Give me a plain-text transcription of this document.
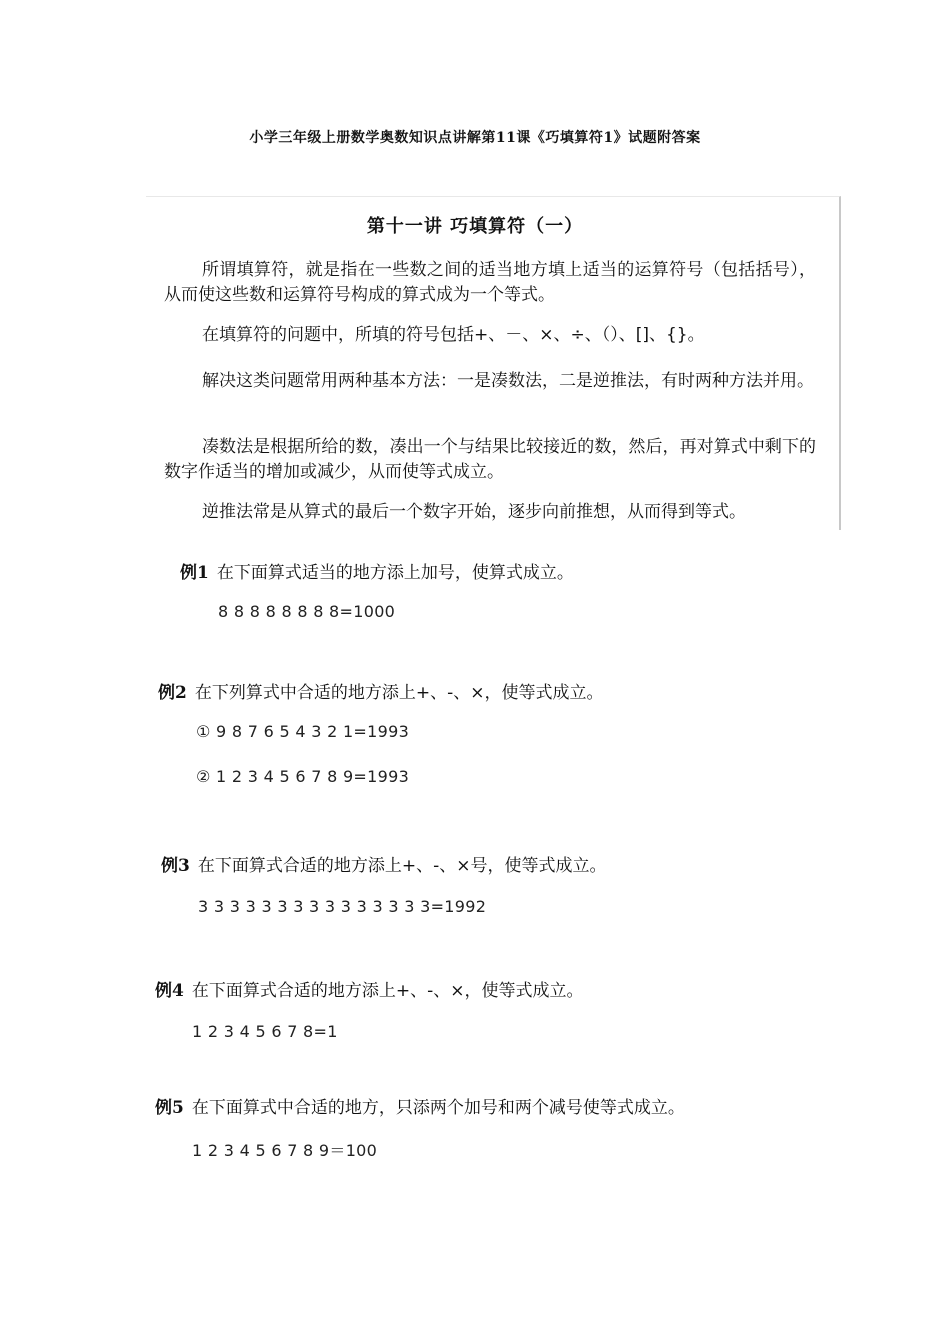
小学三年级上册数学奥数知识点讲解第11课《巧填算符1》试题附答案
第十一讲 巧填算符（一）
所谓填算符，就是指在一些数之间的适当地方填上适当的运算符号（包括括号），从而使这些数和运算符号构成的算式成为一个等式。
在填算符的问题中，所填的符号包括+、－、×、÷、（）、[]、{}。
解决这类问题常用两种基本方法：一是凑数法，二是逆推法，有时两种方法并用。
凑数法是根据所给的数，凑出一个与结果比较接近的数，然后，再对算式中剩下的数字作适当的增加或减少，从而使等式成立。
逆推法常是从算式的最后一个数字开始，逐步向前推想，从而得到等式。
例1 在下面算式适当的地方添上加号，使算式成立。
8 8 8 8 8 8 8 8=1000
例2 在下列算式中合适的地方添上+、-、×，使等式成立。
① 9 8 7 6 5 4 3 2 1=1993
② 1 2 3 4 5 6 7 8 9=1993
例3 在下面算式合适的地方添上+、-、×号，使等式成立。
3 3 3 3 3 3 3 3 3 3 3 3 3 3 3=1992
例4 在下面算式合适的地方添上+、-、×，使等式成立。
1 2 3 4 5 6 7 8=1
例5 在下面算式中合适的地方，只添两个加号和两个减号使等式成立。
1 2 3 4 5 6 7 8 9＝100
